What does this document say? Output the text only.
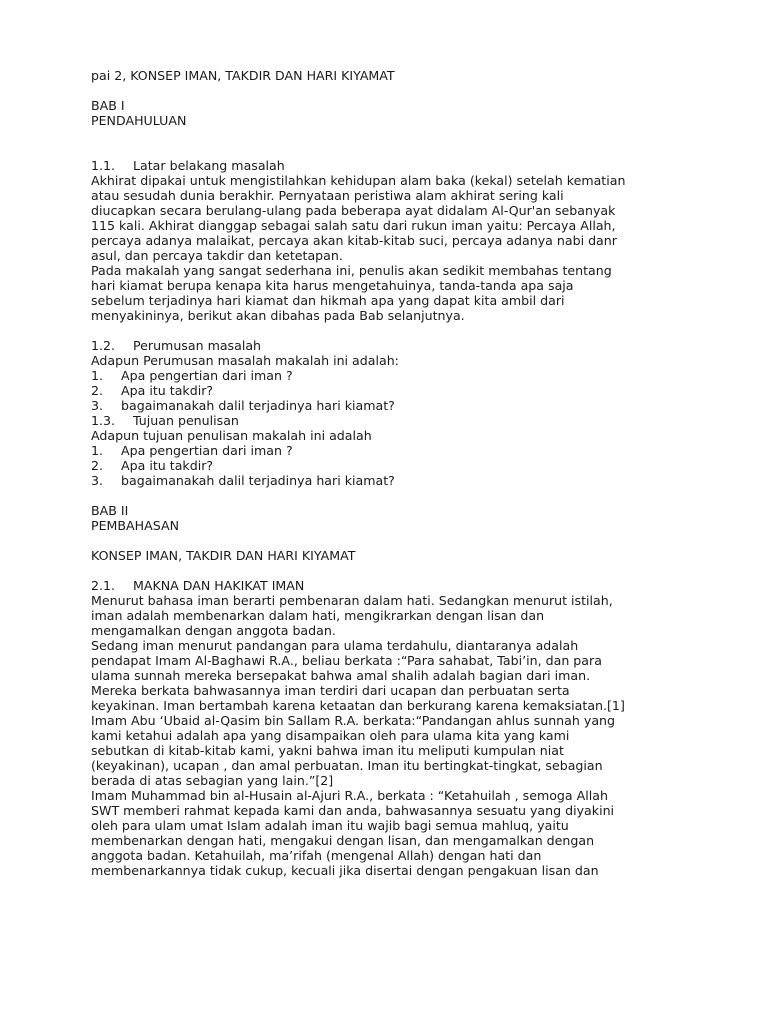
pai 2, KONSEP IMAN, TAKDIR DAN HARI KIYAMAT
BAB I
PENDAHULUAN
1.1. Latar belakang masalah
Akhirat dipakai untuk mengistilahkan kehidupan alam baka (kekal) setelah kematian
atau sesudah dunia berakhir. Pernyataan peristiwa alam akhirat sering kali
diucapkan secara berulang-ulang pada beberapa ayat didalam Al-Qur'an sebanyak
115 kali. Akhirat dianggap sebagai salah satu dari rukun iman yaitu: Percaya Allah,
percaya adanya malaikat, percaya akan kitab-kitab suci, percaya adanya nabi danr
asul, dan percaya takdir dan ketetapan.
Pada makalah yang sangat sederhana ini, penulis akan sedikit membahas tentang
hari kiamat berupa kenapa kita harus mengetahuinya, tanda-tanda apa saja
sebelum terjadinya hari kiamat dan hikmah apa yang dapat kita ambil dari
menyakininya, berikut akan dibahas pada Bab selanjutnya.
1.2. Perumusan masalah
Adapun Perumusan masalah makalah ini adalah:
1. Apa pengertian dari iman ?
2. Apa itu takdir?
3. bagaimanakah dalil terjadinya hari kiamat?
1.3. Tujuan penulisan
Adapun tujuan penulisan makalah ini adalah
1. Apa pengertian dari iman ?
2. Apa itu takdir?
3. bagaimanakah dalil terjadinya hari kiamat?
BAB II
PEMBAHASAN
KONSEP IMAN, TAKDIR DAN HARI KIYAMAT
2.1. MAKNA DAN HAKIKAT IMAN
Menurut bahasa iman berarti pembenaran dalam hati. Sedangkan menurut istilah,
iman adalah membenarkan dalam hati, mengikrarkan dengan lisan dan
mengamalkan dengan anggota badan.
Sedang iman menurut pandangan para ulama terdahulu, diantaranya adalah
pendapat Imam Al-Baghawi R.A., beliau berkata :“Para sahabat, Tabi’in, dan para
ulama sunnah mereka bersepakat bahwa amal shalih adalah bagian dari iman.
Mereka berkata bahwasannya iman terdiri dari ucapan dan perbuatan serta
keyakinan. Iman bertambah karena ketaatan dan berkurang karena kemaksiatan.[1]
Imam Abu ‘Ubaid al-Qasim bin Sallam R.A. berkata:“Pandangan ahlus sunnah yang
kami ketahui adalah apa yang disampaikan oleh para ulama kita yang kami
sebutkan di kitab-kitab kami, yakni bahwa iman itu meliputi kumpulan niat
(keyakinan), ucapan , dan amal perbuatan. Iman itu bertingkat-tingkat, sebagian
berada di atas sebagian yang lain.”[2]
Imam Muhammad bin al-Husain al-Ajuri R.A., berkata : “Ketahuilah , semoga Allah
SWT memberi rahmat kepada kami dan anda, bahwasannya sesuatu yang diyakini
oleh para ulam umat Islam adalah iman itu wajib bagi semua mahluq, yaitu
membenarkan dengan hati, mengakui dengan lisan, dan mengamalkan dengan
anggota badan. Ketahuilah, ma’rifah (mengenal Allah) dengan hati dan
membenarkannya tidak cukup, kecuali jika disertai dengan pengakuan lisan dan
